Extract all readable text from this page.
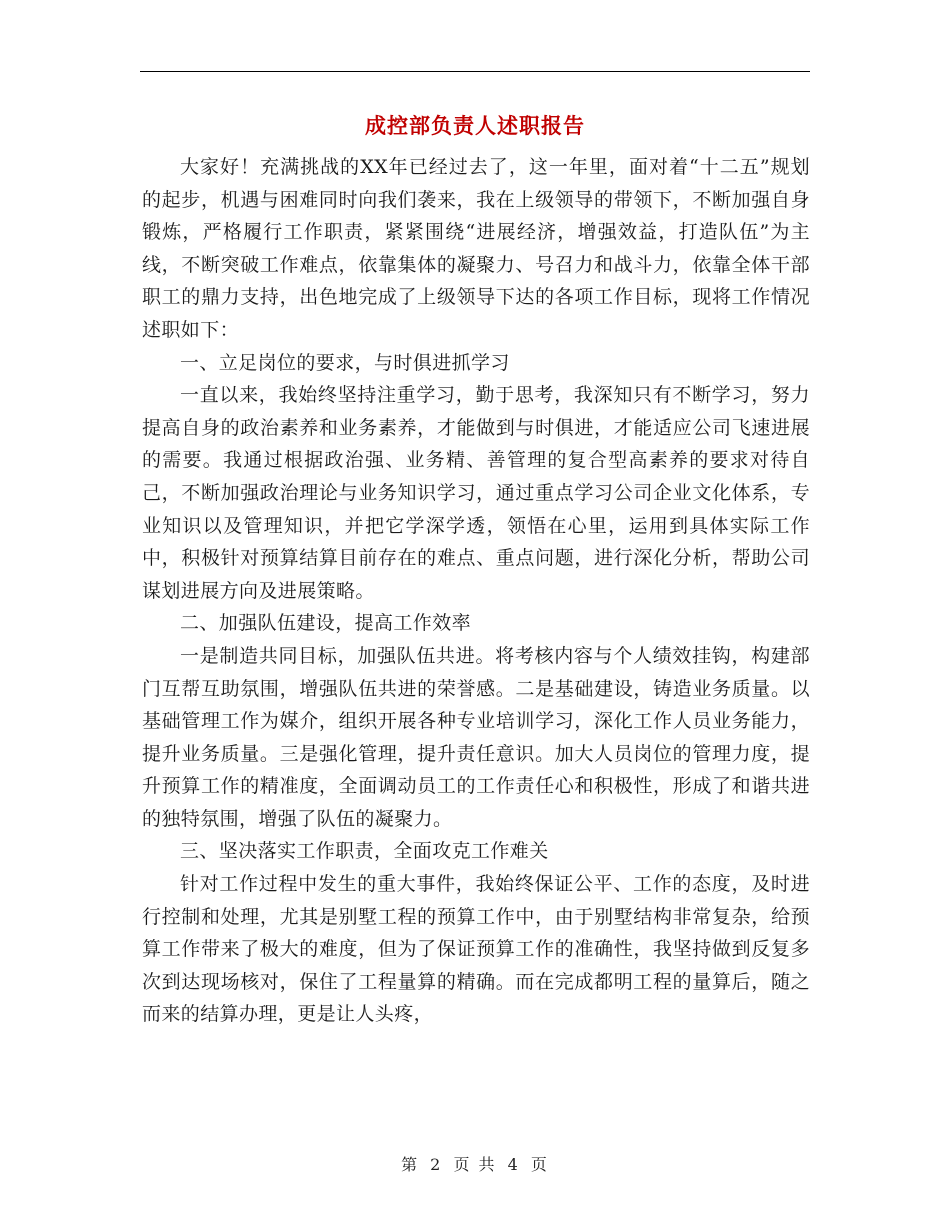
成控部负责人述职报告

大家好！充满挑战的XX年已经过去了，这一年里，面对着“十二五”规划的起步，机遇与困难同时向我们袭来，我在上级领导的带领下，不断加强自身锻炼，严格履行工作职责，紧紧围绕“进展经济，增强效益，打造队伍”为主线，不断突破工作难点，依靠集体的凝聚力、号召力和战斗力，依靠全体干部职工的鼎力支持，出色地完成了上级领导下达的各项工作目标，现将工作情况述职如下：

一、立足岗位的要求，与时俱进抓学习

一直以来，我始终坚持注重学习，勤于思考，我深知只有不断学习，努力提高自身的政治素养和业务素养，才能做到与时俱进，才能适应公司飞速进展的需要。我通过根据政治强、业务精、善管理的复合型高素养的要求对待自己，不断加强政治理论与业务知识学习，通过重点学习公司企业文化体系，专业知识以及管理知识，并把它学深学透，领悟在心里，运用到具体实际工作中，积极针对预算结算目前存在的难点、重点问题，进行深化分析，帮助公司谋划进展方向及进展策略。

二、加强队伍建设，提高工作效率

一是制造共同目标，加强队伍共进。将考核内容与个人绩效挂钩，构建部门互帮互助氛围，增强队伍共进的荣誉感。二是基础建设，铸造业务质量。以基础管理工作为媒介，组织开展各种专业培训学习，深化工作人员业务能力，提升业务质量。三是强化管理，提升责任意识。加大人员岗位的管理力度，提升预算工作的精准度，全面调动员工的工作责任心和积极性，形成了和谐共进的独特氛围，增强了队伍的凝聚力。

三、坚决落实工作职责，全面攻克工作难关

针对工作过程中发生的重大事件，我始终保证公平、工作的态度，及时进行控制和处理，尤其是别墅工程的预算工作中，由于别墅结构非常复杂，给预算工作带来了极大的难度，但为了保证预算工作的准确性，我坚持做到反复多次到达现场核对，保住了工程量算的精确。而在完成都明工程的量算后，随之而来的结算办理，更是让人头疼，

第 2 页 共 4 页
